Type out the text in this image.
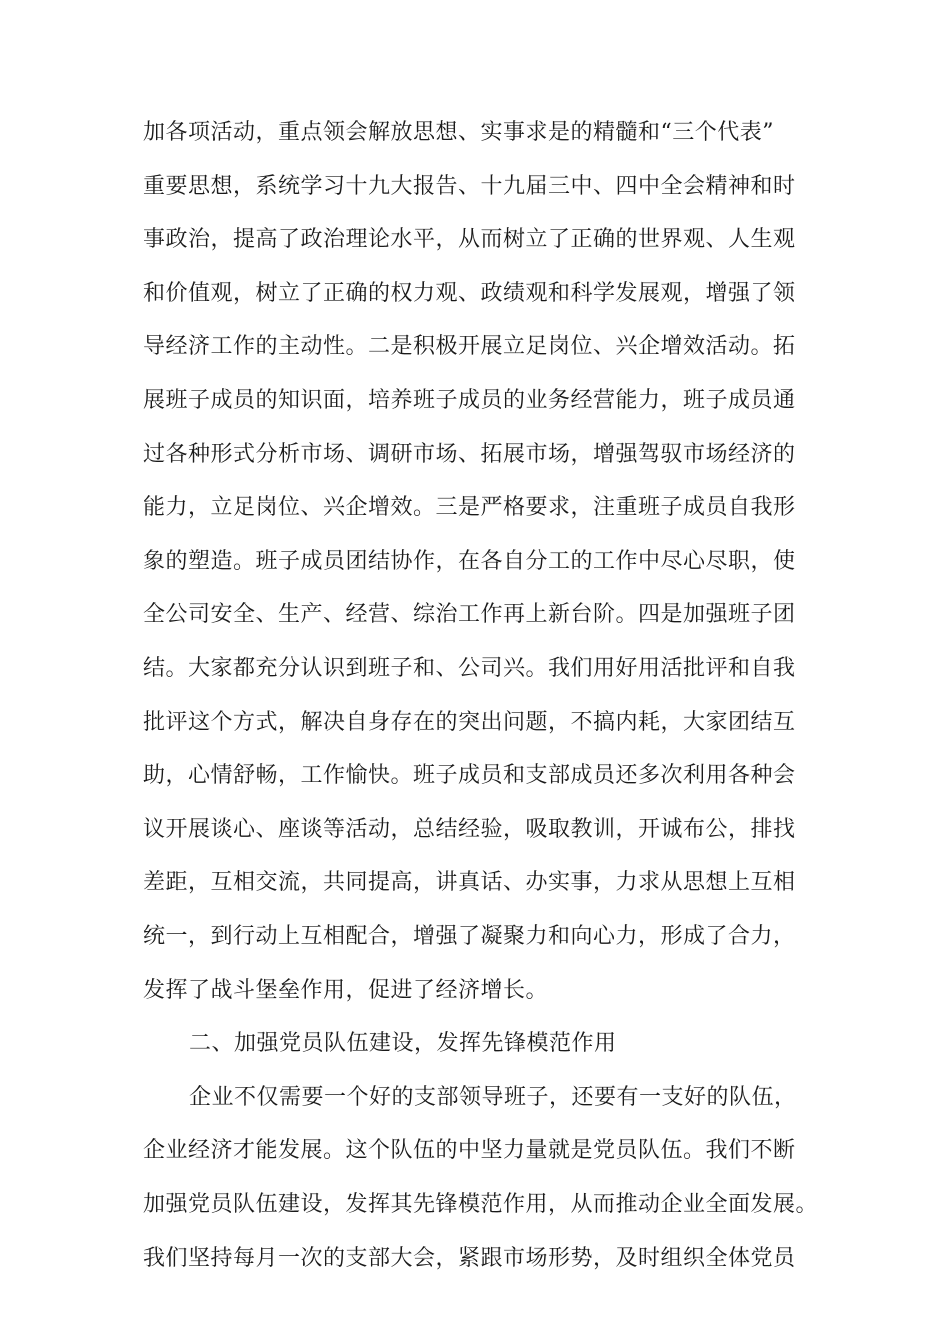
加各项活动，重点领会解放思想、实事求是的精髓和“三个代表”
重要思想，系统学习十九大报告、十九届三中、四中全会精神和时
事政治，提高了政治理论水平，从而树立了正确的世界观、人生观
和价值观，树立了正确的权力观、政绩观和科学发展观，增强了领
导经济工作的主动性。二是积极开展立足岗位、兴企增效活动。拓
展班子成员的知识面，培养班子成员的业务经营能力，班子成员通
过各种形式分析市场、调研市场、拓展市场，增强驾驭市场经济的
能力，立足岗位、兴企增效。三是严格要求，注重班子成员自我形
象的塑造。班子成员团结协作，在各自分工的工作中尽心尽职，使
全公司安全、生产、经营、综治工作再上新台阶。四是加强班子团
结。大家都充分认识到班子和、公司兴。我们用好用活批评和自我
批评这个方式，解决自身存在的突出问题，不搞内耗，大家团结互
助，心情舒畅，工作愉快。班子成员和支部成员还多次利用各种会
议开展谈心、座谈等活动，总结经验，吸取教训，开诚布公，排找
差距，互相交流，共同提高，讲真话、办实事，力求从思想上互相
统一，到行动上互相配合，增强了凝聚力和向心力，形成了合力，
发挥了战斗堡垒作用，促进了经济增长。
二、加强党员队伍建设，发挥先锋模范作用
企业不仅需要一个好的支部领导班子，还要有一支好的队伍，
企业经济才能发展。这个队伍的中坚力量就是党员队伍。我们不断
加强党员队伍建设，发挥其先锋模范作用，从而推动企业全面发展。
我们坚持每月一次的支部大会，紧跟市场形势，及时组织全体党员
